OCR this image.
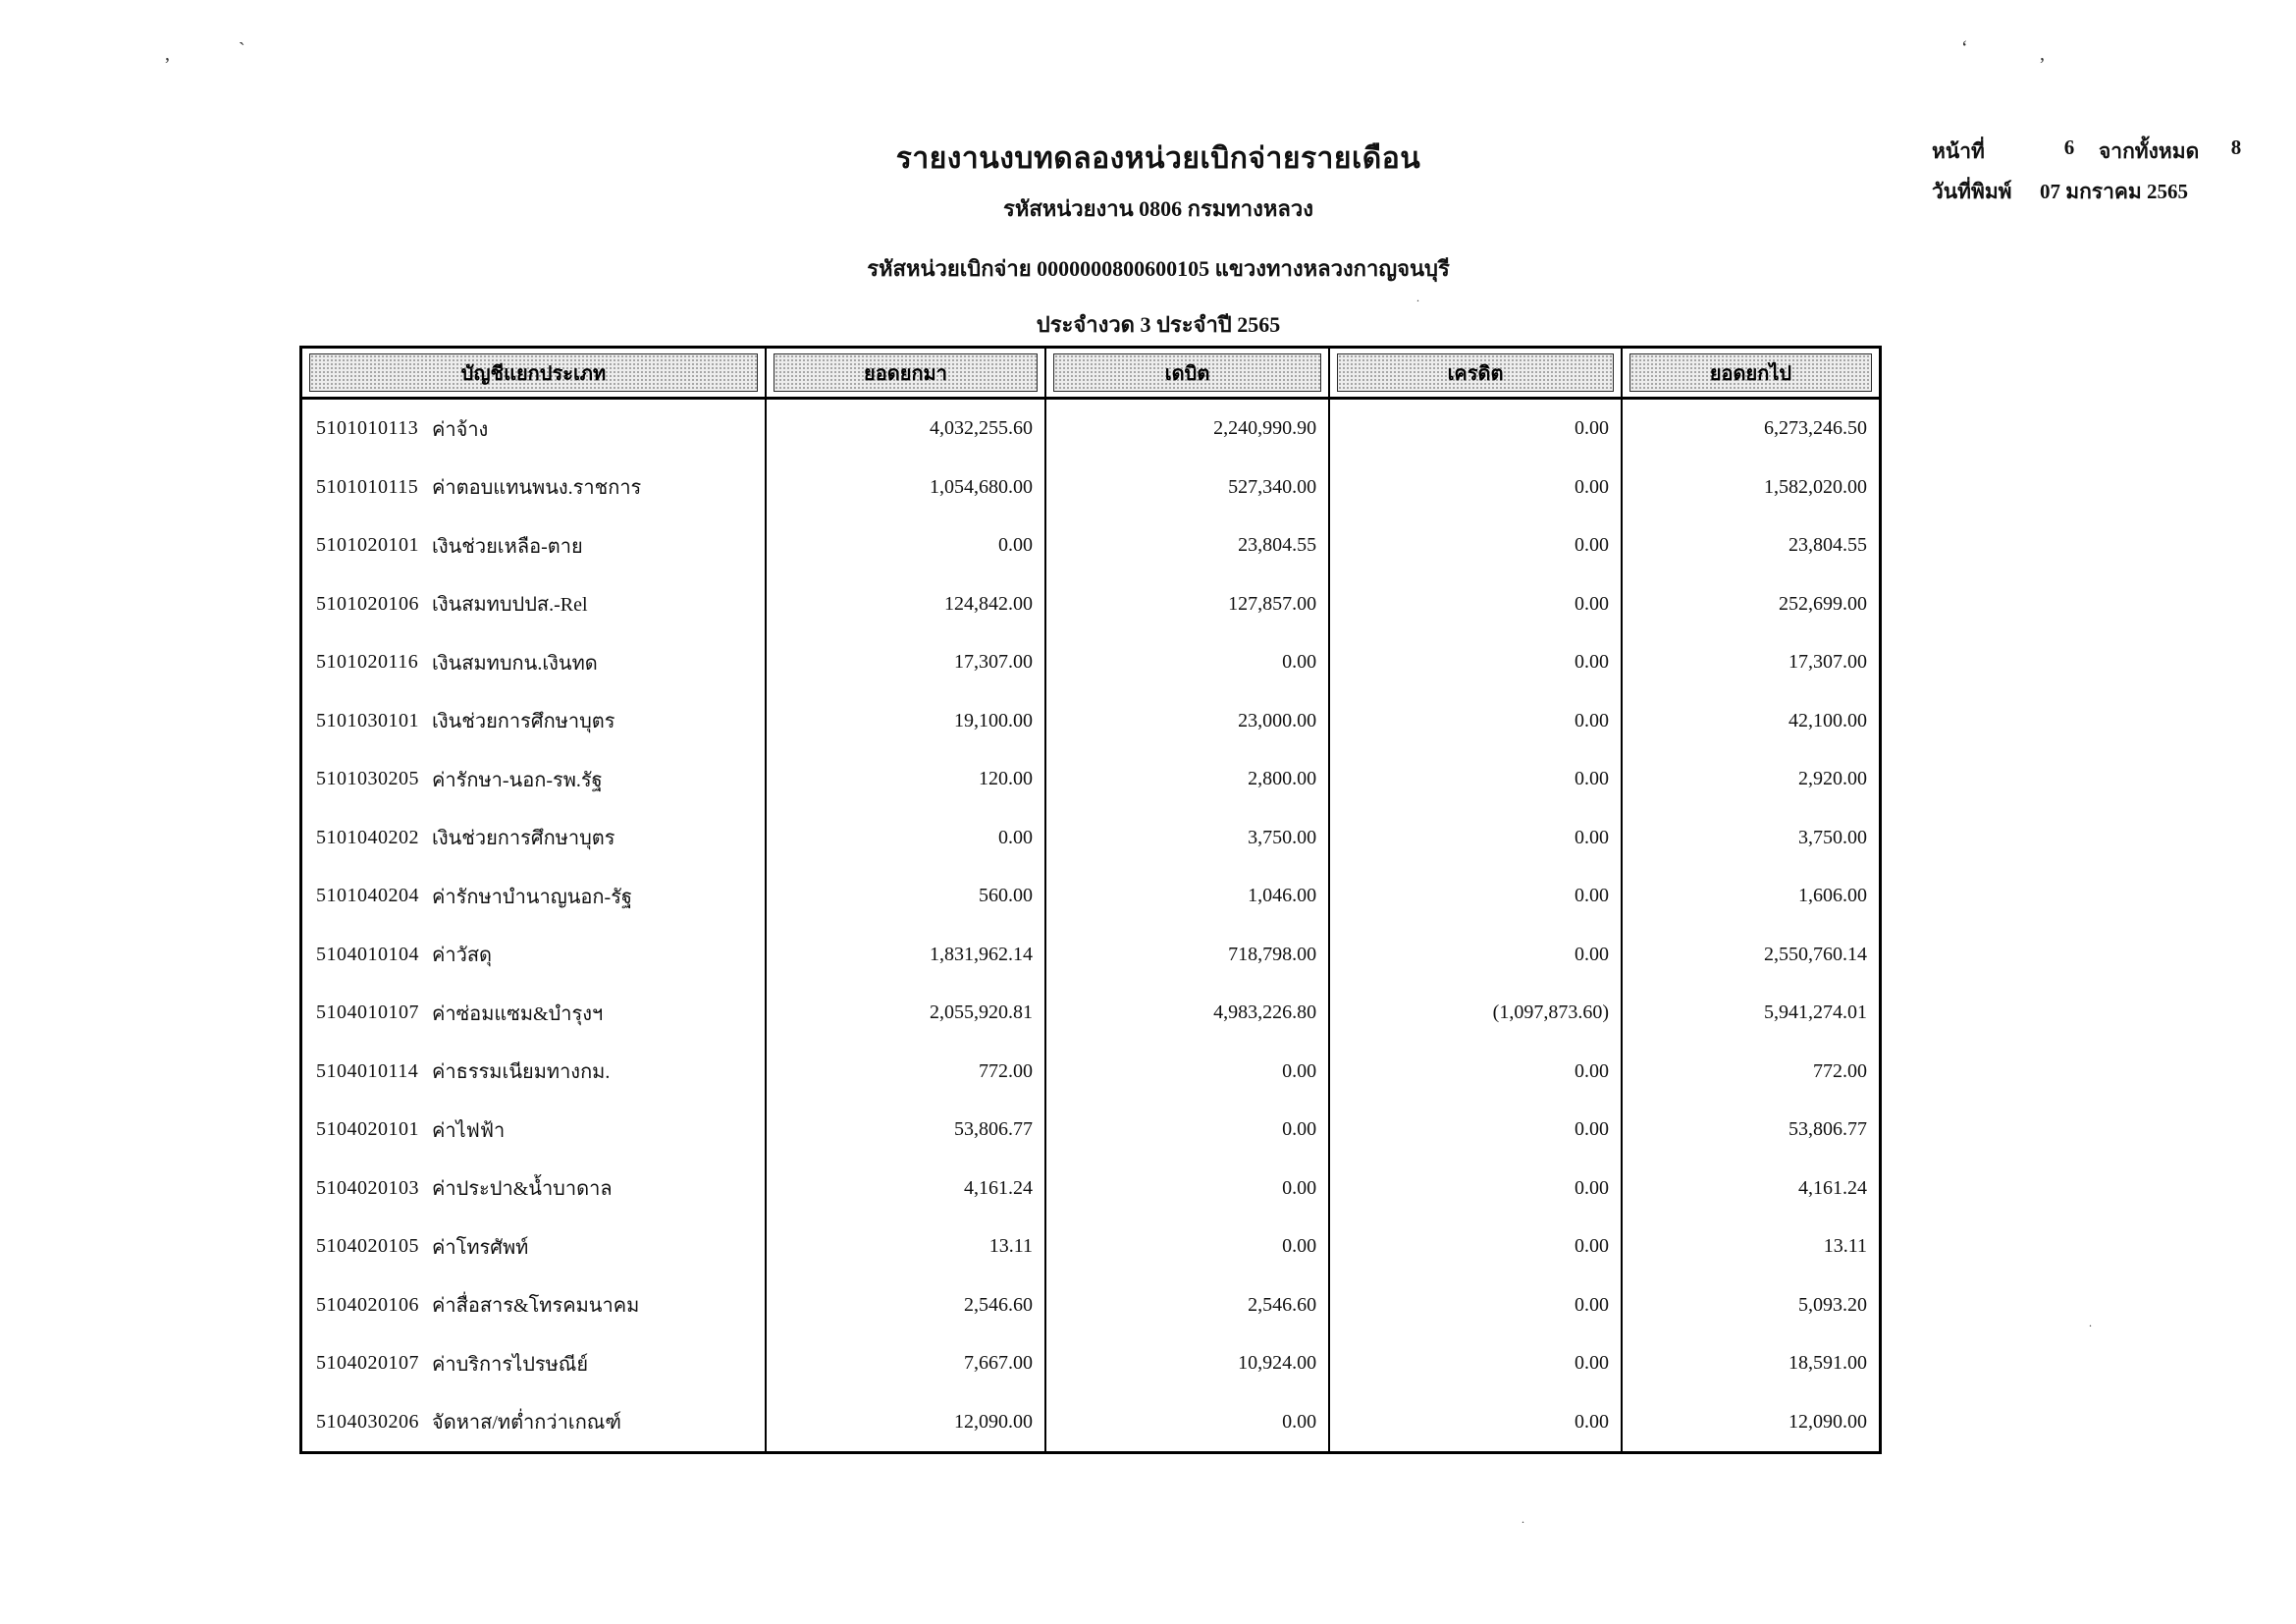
,	`	‘	,
.
.
.
รายงานงบทดลองหน่วยเบิกจ่ายรายเดือน
รหัสหน่วยงาน 0806 กรมทางหลวง
รหัสหน่วยเบิกจ่าย 0000000800600105 แขวงทางหลวงกาญจนบุรี
ประจำงวด 3 ประจำปี 2565
หน้าที่	6	จากทั้งหมด	8
วันที่พิมพ์	07 มกราคม 2565
บัญชีแยกประเภท	ยอดยกมา	เดบิต	เครดิต	ยอดยกไป
5101010113 ค่าจ้าง	4,032,255.60	2,240,990.90	0.00	6,273,246.50
5101010115 ค่าตอบแทนพนง.ราชการ	1,054,680.00	527,340.00	0.00	1,582,020.00
5101020101 เงินช่วยเหลือ-ตาย	0.00	23,804.55	0.00	23,804.55
5101020106 เงินสมทบปปส.-Rel	124,842.00	127,857.00	0.00	252,699.00
5101020116 เงินสมทบกน.เงินทด	17,307.00	0.00	0.00	17,307.00
5101030101 เงินช่วยการศึกษาบุตร	19,100.00	23,000.00	0.00	42,100.00
5101030205 ค่ารักษา-นอก-รพ.รัฐ	120.00	2,800.00	0.00	2,920.00
5101040202 เงินช่วยการศึกษาบุตร	0.00	3,750.00	0.00	3,750.00
5101040204 ค่ารักษาบำนาญนอก-รัฐ	560.00	1,046.00	0.00	1,606.00
5104010104 ค่าวัสดุ	1,831,962.14	718,798.00	0.00	2,550,760.14
5104010107 ค่าซ่อมแซม&บำรุงฯ	2,055,920.81	4,983,226.80	(1,097,873.60)	5,941,274.01
5104010114 ค่าธรรมเนียมทางกม.	772.00	0.00	0.00	772.00
5104020101 ค่าไฟฟ้า	53,806.77	0.00	0.00	53,806.77
5104020103 ค่าประปา&น้ำบาดาล	4,161.24	0.00	0.00	4,161.24
5104020105 ค่าโทรศัพท์	13.11	0.00	0.00	13.11
5104020106 ค่าสื่อสาร&โทรคมนาคม	2,546.60	2,546.60	0.00	5,093.20
5104020107 ค่าบริการไปรษณีย์	7,667.00	10,924.00	0.00	18,591.00
5104030206 จัดหาส/ทต่ำกว่าเกณฑ์	12,090.00	0.00	0.00	12,090.00
